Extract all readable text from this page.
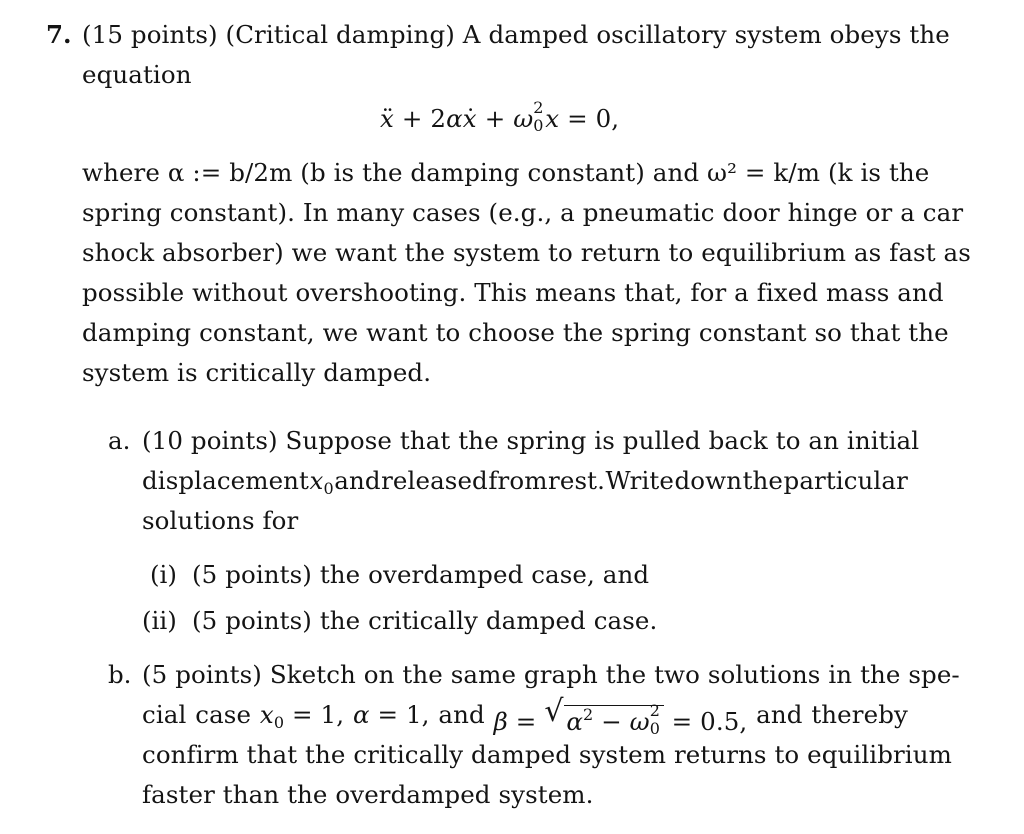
7. (15 points) (Critical damping) A damped oscillatory system obeys the
equation
ẍ + 2αẋ + ω 2
0 x = 0,
where α := b/2m (b is the damping constant) and ω² = k/m (k is the
spring constant). In many cases (e.g., a pneumatic door hinge or a car
shock absorber) we want the system to return to equilibrium as fast as
possible without overshooting. This means that, for a fixed mass and
damping constant, we want to choose the spring constant so that the
system is critically damped.
a. (10 points) Suppose that the spring is pulled back to an initial
displacement $x_0$ and released from rest. Write down the particular
solutions for
(i) (5 points) the overdamped case, and
(ii) (5 points) the critically damped case.
b. (5 points) Sketch on the same graph the two solutions in the spe-
cial case $x_0 = 1$, α = 1, and β = √ $\alpha^2 - \omega$ 2
0 = 0.5, and thereby
confirm that the critically damped system returns to equilibrium
faster than the overdamped system.
